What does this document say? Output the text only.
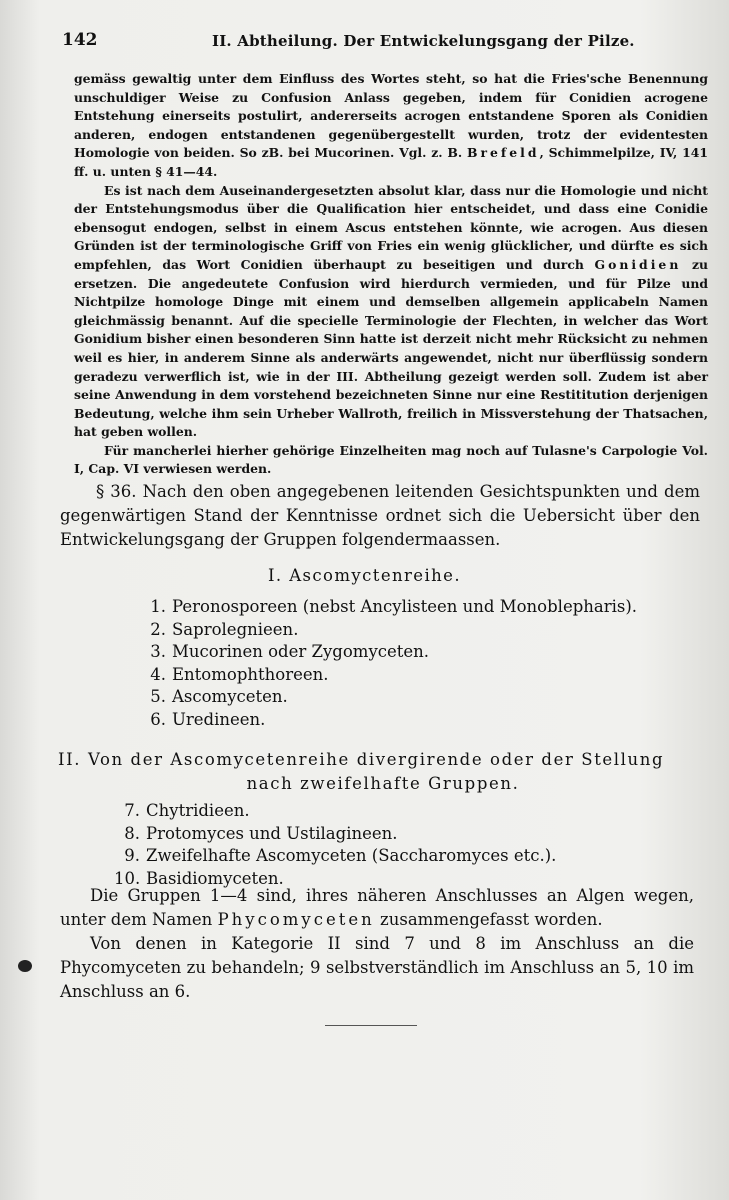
142	II. Abtheilung. Der Entwickelungsgang der Pilze.

gemäss gewaltig unter dem Einfluss des Wortes steht, so hat die Fries'sche Benennung unschuldiger Weise zu Confusion Anlass gegeben, indem für Conidien acrogene Entstehung einerseits postulirt, andererseits acrogen entstandene Sporen als Conidien anderen, endogen entstandenen gegenübergestellt wurden, trotz der evidentesten Homologie von beiden. So zB. bei Mucorinen. Vgl. z. B. Brefeld, Schimmelpilze, IV, 141 ff. u. unten § 41—44.

Es ist nach dem Auseinandergesetzten absolut klar, dass nur die Homologie und nicht der Entstehungsmodus über die Qualification hier entscheidet, und dass eine Conidie ebensogut endogen, selbst in einem Ascus entstehen könnte, wie acrogen. Aus diesen Gründen ist der terminologische Griff von Fries ein wenig glücklicher, und dürfte es sich empfehlen, das Wort Conidien überhaupt zu beseitigen und durch Gonidien zu ersetzen. Die angedeutete Confusion wird hierdurch vermieden, und für Pilze und Nichtpilze homologe Dinge mit einem und demselben allgemein applicabeln Namen gleichmässig benannt. Auf die specielle Terminologie der Flechten, in welcher das Wort Gonidium bisher einen besonderen Sinn hatte ist derzeit nicht mehr Rücksicht zu nehmen weil es hier, in anderem Sinne als anderwärts angewendet, nicht nur überflüssig sondern geradezu verwerflich ist, wie in der III. Abtheilung gezeigt werden soll. Zudem ist aber seine Anwendung in dem vorstehend bezeichneten Sinne nur eine Restititution derjenigen Bedeutung, welche ihm sein Urheber Wallroth, freilich in Missverstehung der Thatsachen, hat geben wollen.

Für mancherlei hierher gehörige Einzelheiten mag noch auf Tulasne's Carpologie Vol. I, Cap. VI verwiesen werden.

§ 36. Nach den oben angegebenen leitenden Gesichtspunkten und dem gegenwärtigen Stand der Kenntnisse ordnet sich die Uebersicht über den Entwickelungsgang der Gruppen folgendermaassen.

I. Ascomyctenreihe.
1. Peronosporeen (nebst Ancylisteen und Monoblepharis).
2. Saprolegnieen.
3. Mucorinen oder Zygomyceten.
4. Entomophthoreen.
5. Ascomyceten.
6. Uredineen.
II. Von der Ascomycetenreihe divergirende oder der Stellung
nach zweifelhafte Gruppen.
7. Chytridieen.
8. Protomyces und Ustilagineen.
9. Zweifelhafte Ascomyceten (Saccharomyces etc.).
10. Basidiomyceten.

Die Gruppen 1—4 sind, ihres näheren Anschlusses an Algen wegen, unter dem Namen Phycomyceten zusammengefasst worden.

Von denen in Kategorie II sind 7 und 8 im Anschluss an die Phycomyceten zu behandeln; 9 selbstverständlich im Anschluss an 5, 10 im Anschluss an 6.
